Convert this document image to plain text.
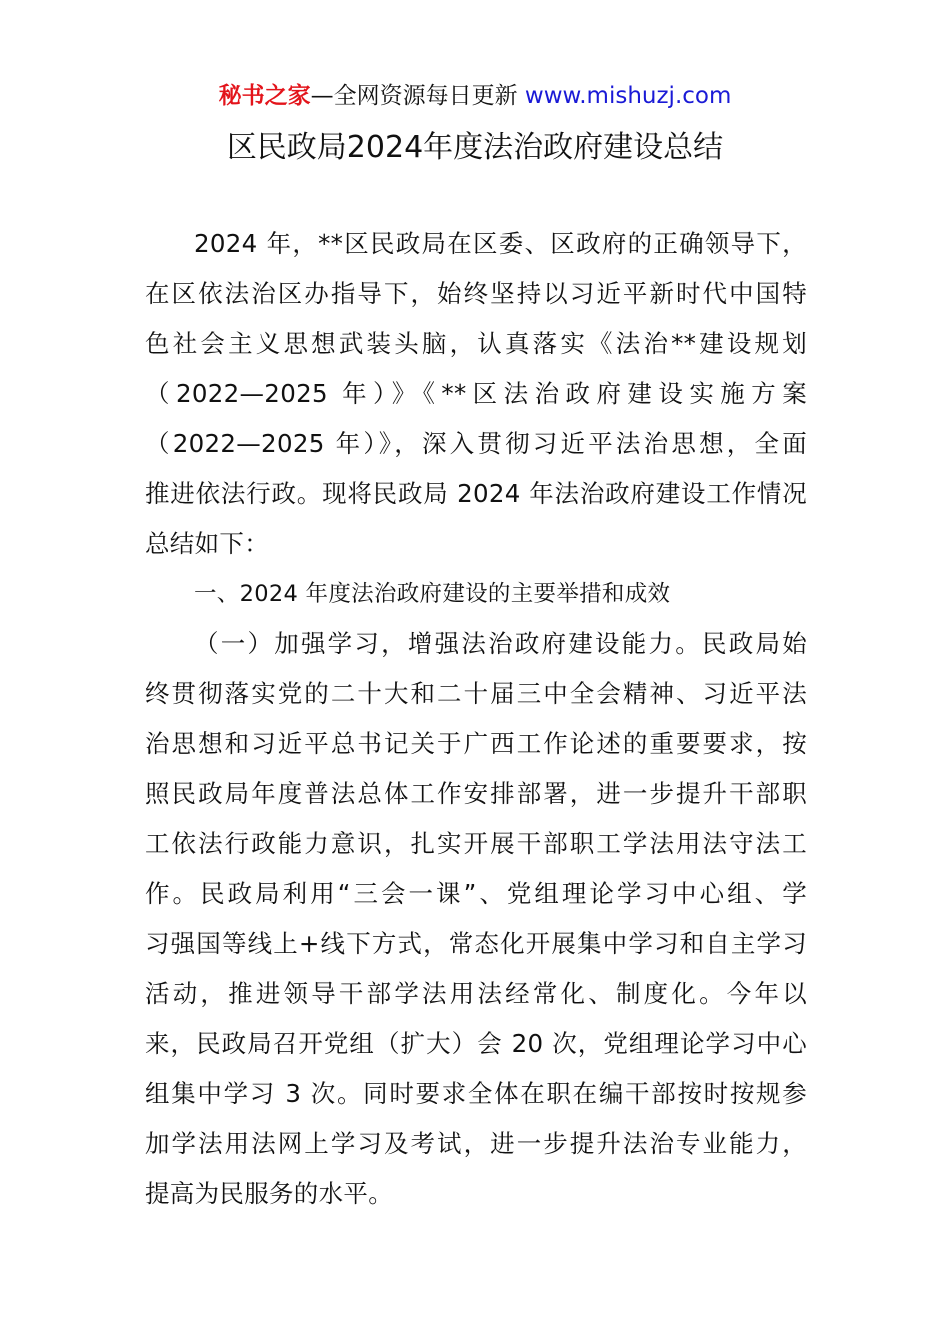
秘书之家—全网资源每日更新 www.mishuzj.com
区民政局2024年度法治政府建设总结
2024 年，**区民政局在区委、区政府的正确领导下，
在区依法治区办指导下，始终坚持以习近平新时代中国特
色社会主义思想武装头脑，认真落实《法治**建设规划
（2022—2025 年）》《**区法治政府建设实施方案
（2022—2025 年）》，深入贯彻习近平法治思想，全面
推进依法行政。现将民政局 2024 年法治政府建设工作情况
总结如下：
一、2024 年度法治政府建设的主要举措和成效
（一）加强学习，增强法治政府建设能力。民政局始
终贯彻落实党的二十大和二十届三中全会精神、习近平法
治思想和习近平总书记关于广西工作论述的重要要求，按
照民政局年度普法总体工作安排部署，进一步提升干部职
工依法行政能力意识，扎实开展干部职工学法用法守法工
作。民政局利用“三会一课”、党组理论学习中心组、学
习强国等线上+线下方式，常态化开展集中学习和自主学习
活动，推进领导干部学法用法经常化、制度化。今年以
来，民政局召开党组（扩大）会 20 次，党组理论学习中心
组集中学习 3 次。同时要求全体在职在编干部按时按规参
加学法用法网上学习及考试，进一步提升法治专业能力，
提高为民服务的水平。
